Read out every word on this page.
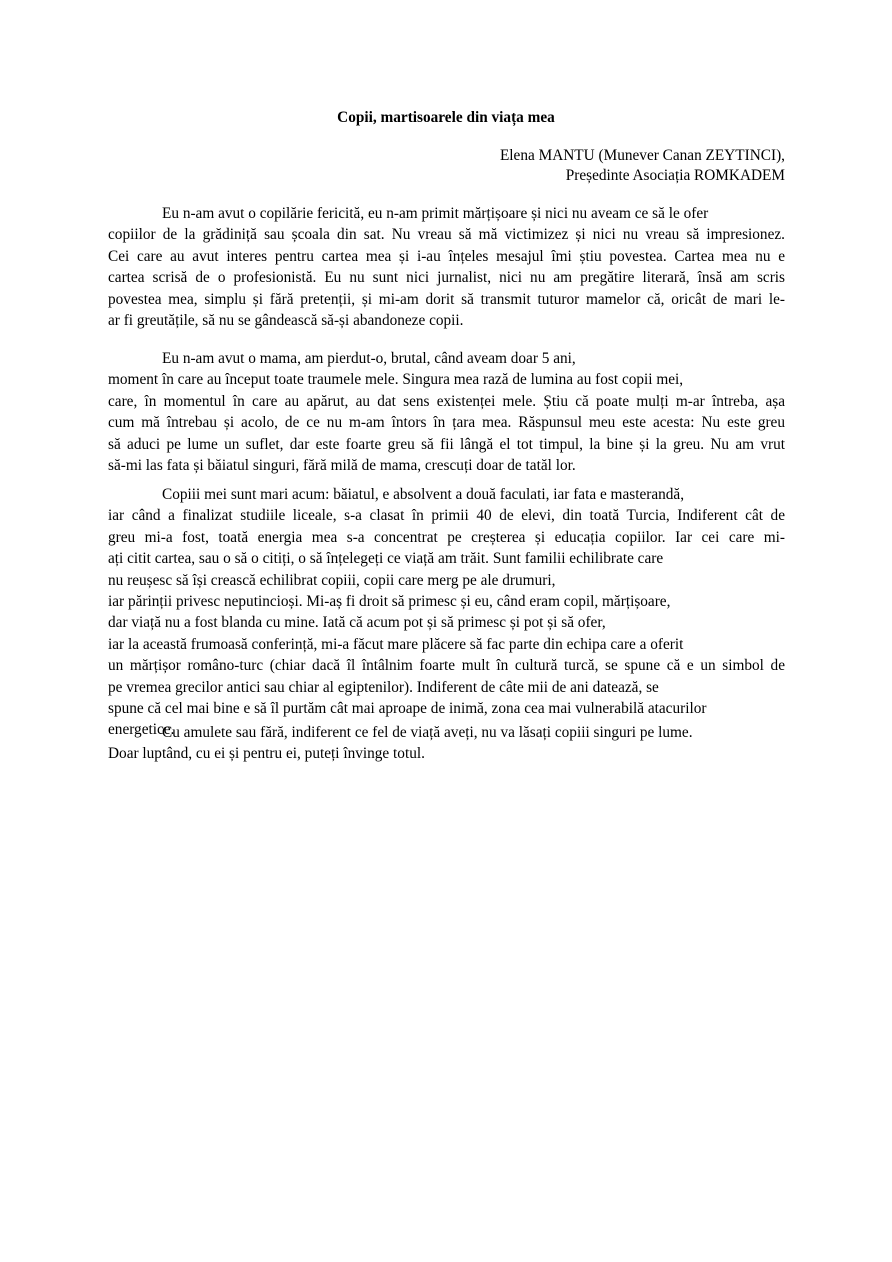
Copii, martisoarele din viața mea
Elena MANTU (Munever Canan ZEYTINCI),
Președinte Asociația ROMKADEM
Eu n-am avut o copilărie fericită, eu n-am primit mărțișoare și nici nu aveam ce să le ofer
copiilor de la grădiniță sau școala din sat. Nu vreau să mă victimizez și nici nu vreau să impresionez.
Cei care au avut interes pentru cartea mea și i-au înțeles mesajul îmi știu povestea. Cartea mea nu e
cartea scrisă de o profesionistă. Eu nu sunt nici jurnalist, nici nu am pregătire literară, însă am scris
povestea mea, simplu și fără pretenții, și mi-am dorit să transmit tuturor mamelor că, oricât de mari le-
ar fi greutățile, să nu se gândească să-și abandoneze copii.
Eu n-am avut o mama, am pierdut-o, brutal, când aveam doar 5 ani,
moment în care au început toate traumele mele. Singura mea rază de lumina au fost copii mei,
care, în momentul în care au apărut, au dat sens existenței mele. Știu că poate mulți m-ar întreba, așa
cum mă întrebau și acolo, de ce nu m-am întors în țara mea. Răspunsul meu este acesta: Nu este greu
să aduci pe lume un suflet, dar este foarte greu să fii lângă el tot timpul, la bine și la greu. Nu am vrut
să-mi las fata și băiatul singuri, fără milă de mama, crescuți doar de tatăl lor.
Copiii mei sunt mari acum: băiatul, e absolvent a două faculati, iar fata e masterandă,
iar când a finalizat studiile liceale, s-a clasat în primii 40 de elevi, din toată Turcia, Indiferent cât de
greu mi-a fost, toată energia mea s-a concentrat pe creșterea și educația copiilor. Iar cei care mi-
ați citit cartea, sau o să o citiți, o să înțelegeți ce viață am trăit. Sunt familii echilibrate care
nu reușesc să își crească echilibrat copiii, copii care merg pe ale drumuri,
iar părinții privesc neputincioși. Mi-aș fi droit să primesc și eu, când eram copil, mărțișoare,
dar viață nu a fost blanda cu mine. Iată că acum pot și să primesc și pot și să ofer,
iar la această frumoasă conferință, mi-a făcut mare plăcere să fac parte din echipa care a oferit
un mărțișor româno-turc (chiar dacă îl întâlnim foarte mult în cultură turcă, se spune că e un simbol de
pe vremea grecilor antici sau chiar al egiptenilor). Indiferent de câte mii de ani datează, se
spune că cel mai bine e să îl purtăm cât mai aproape de inimă, zona cea mai vulnerabilă atacurilor
energetice.
Cu amulete sau fără, indiferent ce fel de viață aveți, nu va lăsați copiii singuri pe lume.
Doar luptând, cu ei și pentru ei, puteți învinge totul.
